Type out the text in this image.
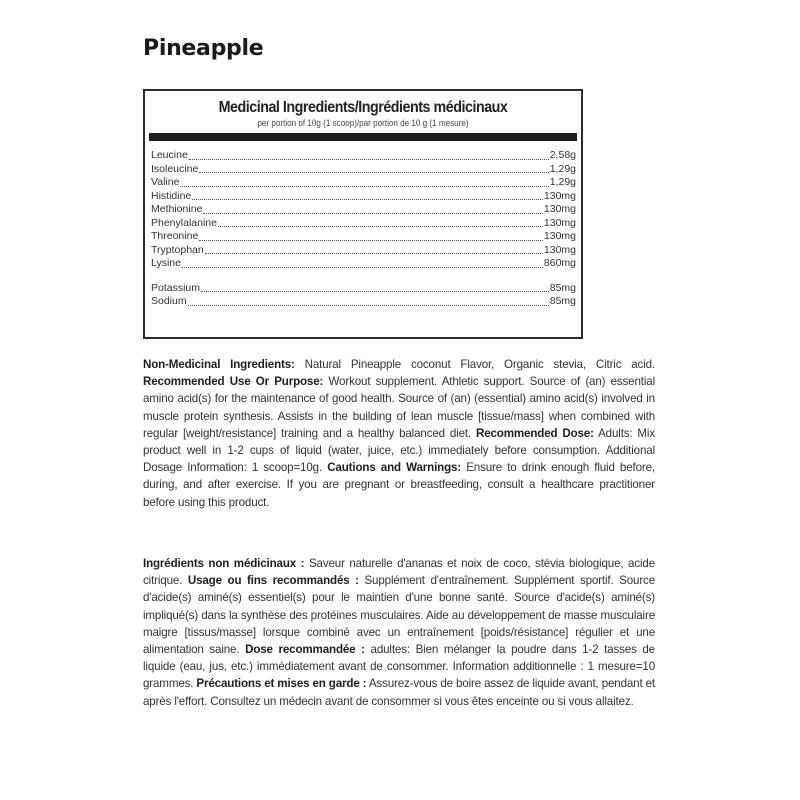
Pineapple
Medicinal Ingredients/Ingrédients médicinaux
per portion of 10g (1 scoop)/par portion de 10 g (1 mesure)
Leucine	2,58g
Isoleucine	1,29g
Valine	1,29g
Histidine	130mg
Methionine	130mg
Phenylalanine	130mg
Threonine	130mg
Tryptophan	130mg
Lysine	860mg
Potassium	85mg
Sodium	85mg
Non-Medicinal Ingredients: Natural Pineapple coconut Flavor, Organic stevia, Citric acid. Recommended Use Or Purpose: Workout supplement. Athletic support. Source of (an) essential amino acid(s) for the maintenance of good health. Source of (an) (essential) amino acid(s) involved in muscle protein synthesis. Assists in the building of lean muscle [tissue/mass] when combined with regular [weight/resistance] training and a healthy balanced diet. Recommended Dose: Adults: Mix product well in 1-2 cups of liquid (water, juice, etc.) immediately before consumption. Additional Dosage Information: 1 scoop=10g. Cautions and Warnings: Ensure to drink enough fluid before, during, and after exercise. If you are pregnant or breastfeeding, consult a healthcare practitioner before using this product.
Ingrédients non médicinaux : Saveur naturelle d'ananas et noix de coco, stévia biologique, acide citrique. Usage ou fins recommandés : Supplément d'entraînement. Supplément sportif. Source d'acide(s) aminé(s) essentiel(s) pour le maintien d'une bonne santé. Source d'acide(s) aminé(s) impliqué(s) dans la synthèse des protéines musculaires. Aide au développement de masse musculaire maigre [tissus/masse] lorsque combiné avec un entraînement [poids/résistance] régulier et une alimentation saine. Dose recommandée : adultes: Bien mélanger la poudre dans 1-2 tasses de liquide (eau, jus, etc.) immédiatement avant de consommer. Information additionnelle : 1 mesure=10 grammes. Précautions et mises en garde : Assurez-vous de boire assez de liquide avant, pendant et après l'effort. Consultez un médecin avant de consommer si vous êtes enceinte ou si vous allaitez.
